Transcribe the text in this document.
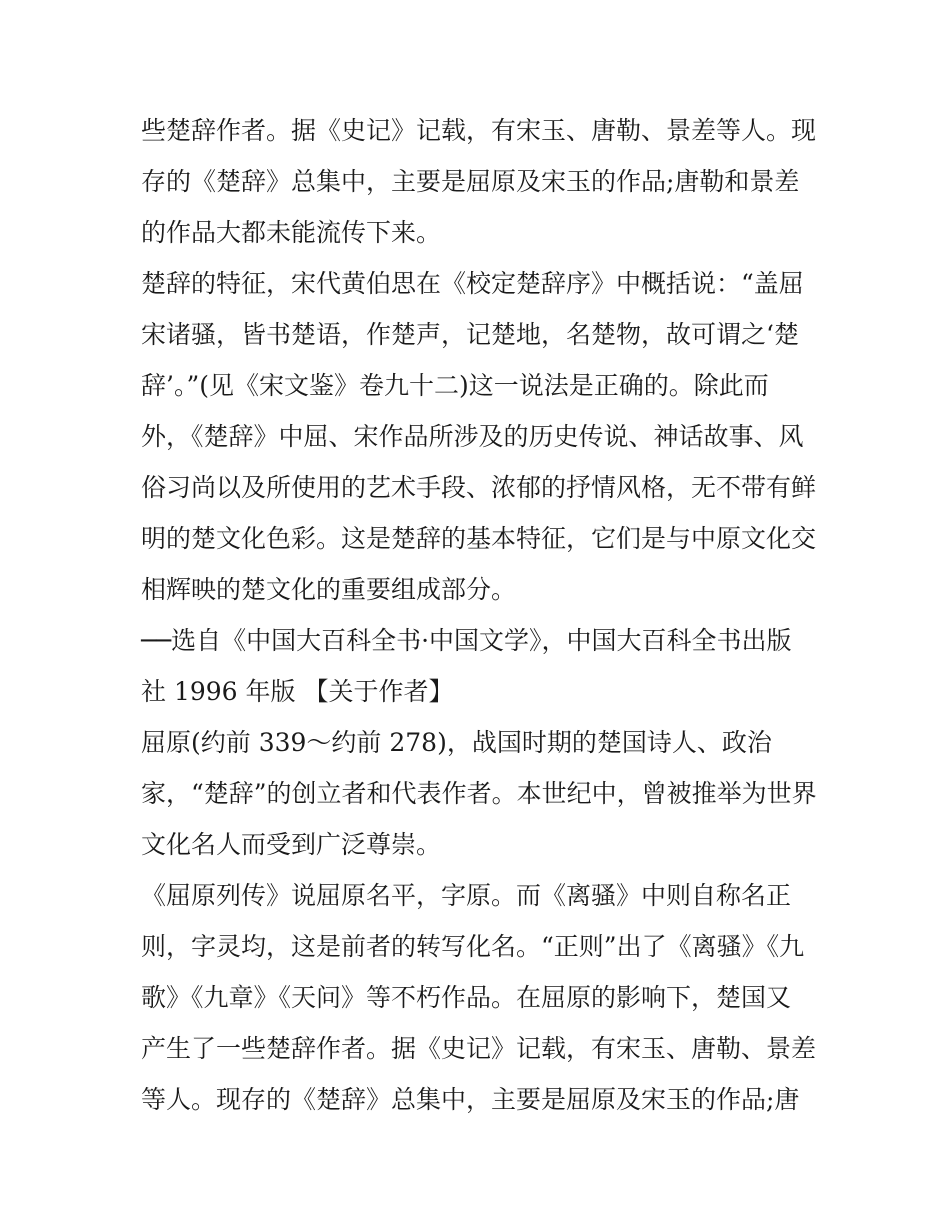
些楚辞作者。据《史记》记载，有宋玉、唐勒、景差等人。现
存的《楚辞》总集中，主要是屈原及宋玉的作品;唐勒和景差
的作品大都未能流传下来。
楚辞的特征，宋代黄伯思在《校定楚辞序》中概括说：“盖屈
宋诸骚，皆书楚语，作楚声，记楚地，名楚物，故可谓之‘楚
辞’。”(见《宋文鉴》卷九十二)这一说法是正确的。除此而
外，《楚辞》中屈、宋作品所涉及的历史传说、神话故事、风
俗习尚以及所使用的艺术手段、浓郁的抒情风格，无不带有鲜
明的楚文化色彩。这是楚辞的基本特征，它们是与中原文化交
相辉映的楚文化的重要组成部分。
──选自《中国大百科全书·中国文学》，中国大百科全书出版
社 1996 年版 【关于作者】
屈原(约前 339～约前 278)，战国时期的楚国诗人、政治
家，“楚辞”的创立者和代表作者。本世纪中，曾被推举为世界
文化名人而受到广泛尊崇。
《屈原列传》说屈原名平，字原。而《离骚》中则自称名正
则，字灵均，这是前者的转写化名。“正则”出了《离骚》《九
歌》《九章》《天问》等不朽作品。在屈原的影响下，楚国又
产生了一些楚辞作者。据《史记》记载，有宋玉、唐勒、景差
等人。现存的《楚辞》总集中，主要是屈原及宋玉的作品;唐
